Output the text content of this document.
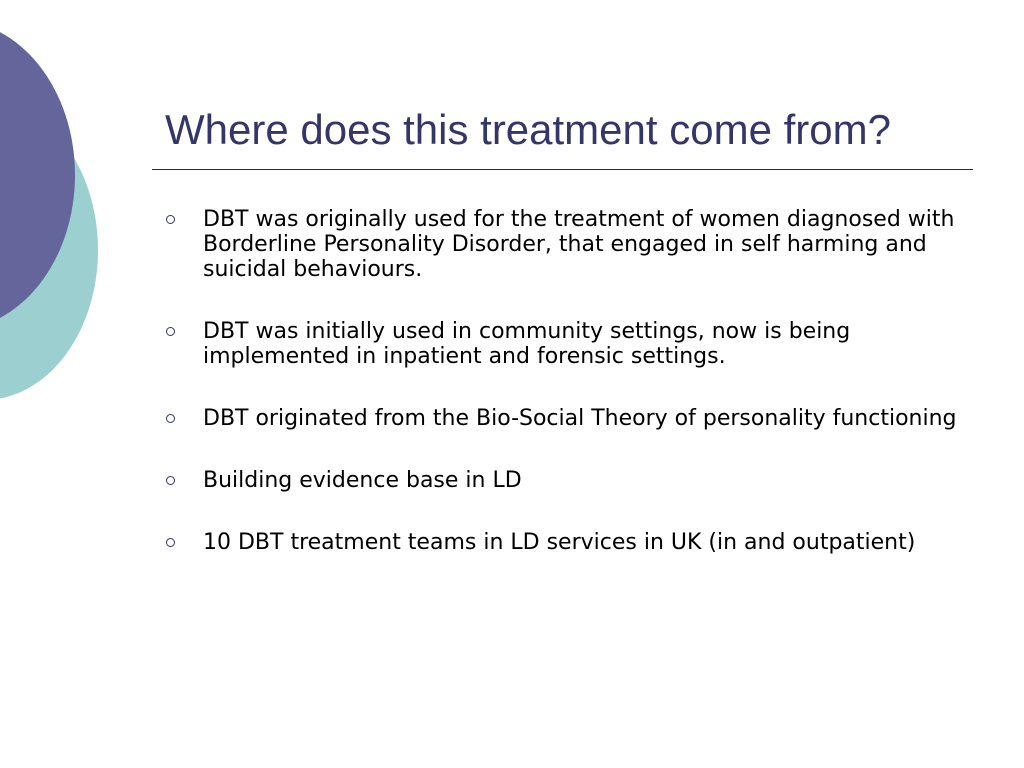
Where does this treatment come from?
DBT was originally used for the treatment of women diagnosed with Borderline Personality Disorder, that engaged in self harming and suicidal behaviours.
DBT was initially used in community settings, now is being implemented in inpatient and forensic settings.
DBT originated from the Bio-Social Theory of personality functioning
Building evidence base in LD
10 DBT treatment teams in LD services in UK (in and outpatient)
